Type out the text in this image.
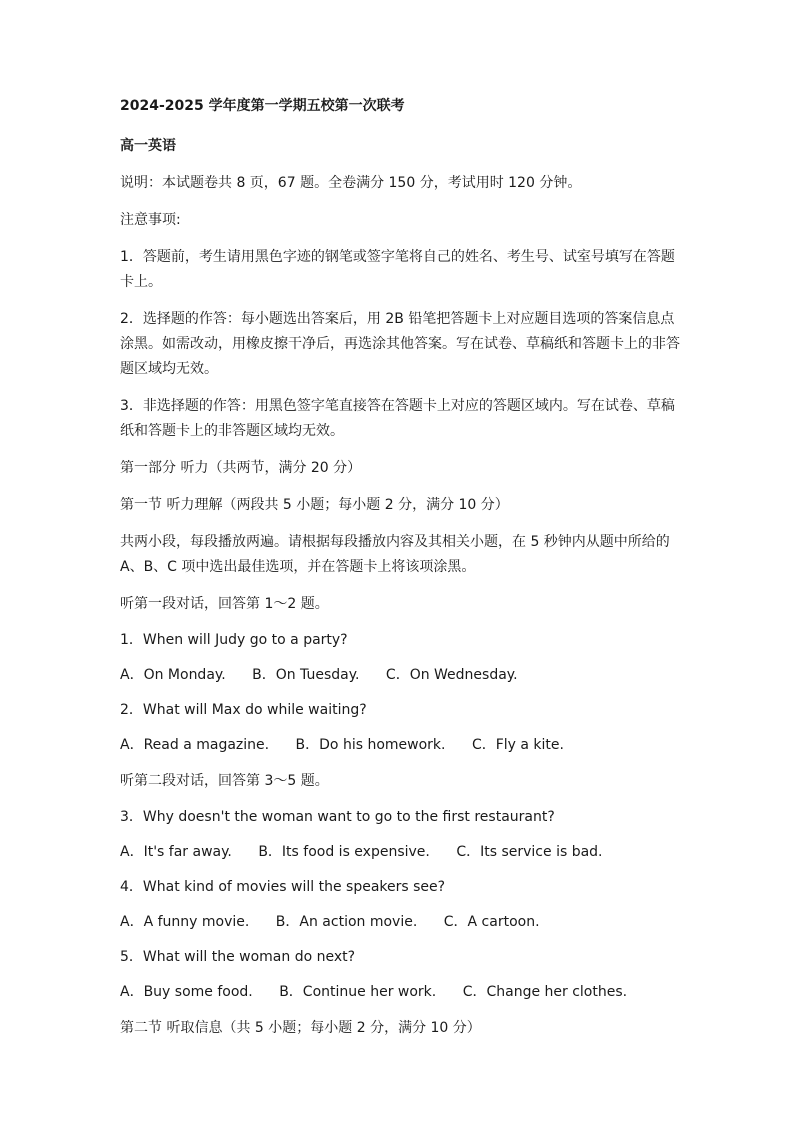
2024-2025 学年度第一学期五校第一次联考
高一英语

说明：本试题卷共 8 页，67 题。全卷满分 150 分，考试用时 120 分钟。

注意事项:

1．答题前，考生请用黑色字迹的钢笔或签字笔将自己的姓名、考生号、试室号填写在答题卡上。

2．选择题的作答：每小题选出答案后，用 2B 铅笔把答题卡上对应题目选项的答案信息点涂黑。如需改动，用橡皮擦干净后，再选涂其他答案。写在试卷、草稿纸和答题卡上的非答题区域均无效。

3．非选择题的作答：用黑色签字笔直接答在答题卡上对应的答题区域内。写在试卷、草稿纸和答题卡上的非答题区域均无效。

第一部分 听力（共两节，满分 20 分）

第一节 听力理解（两段共 5 小题；每小题 2 分，满分 10 分）

共两小段，每段播放两遍。请根据每段播放内容及其相关小题，在 5 秒钟内从题中所给的 A、B、C 项中选出最佳选项，并在答题卡上将该项涂黑。

听第一段对话，回答第 1～2 题。

1．When will Judy go to a party?
A．On Monday. B．On Tuesday. C．On Wednesday.
2．What will Max do while waiting?
A．Read a magazine. B．Do his homework. C．Fly a kite.

听第二段对话，回答第 3～5 题。

3．Why doesn't the woman want to go to the first restaurant?
A．It's far away. B．Its food is expensive. C．Its service is bad.
4．What kind of movies will the speakers see?
A．A funny movie. B．An action movie. C．A cartoon.
5．What will the woman do next?
A．Buy some food. B．Continue her work. C．Change her clothes.

第二节 听取信息（共 5 小题；每小题 2 分，满分 10 分）
